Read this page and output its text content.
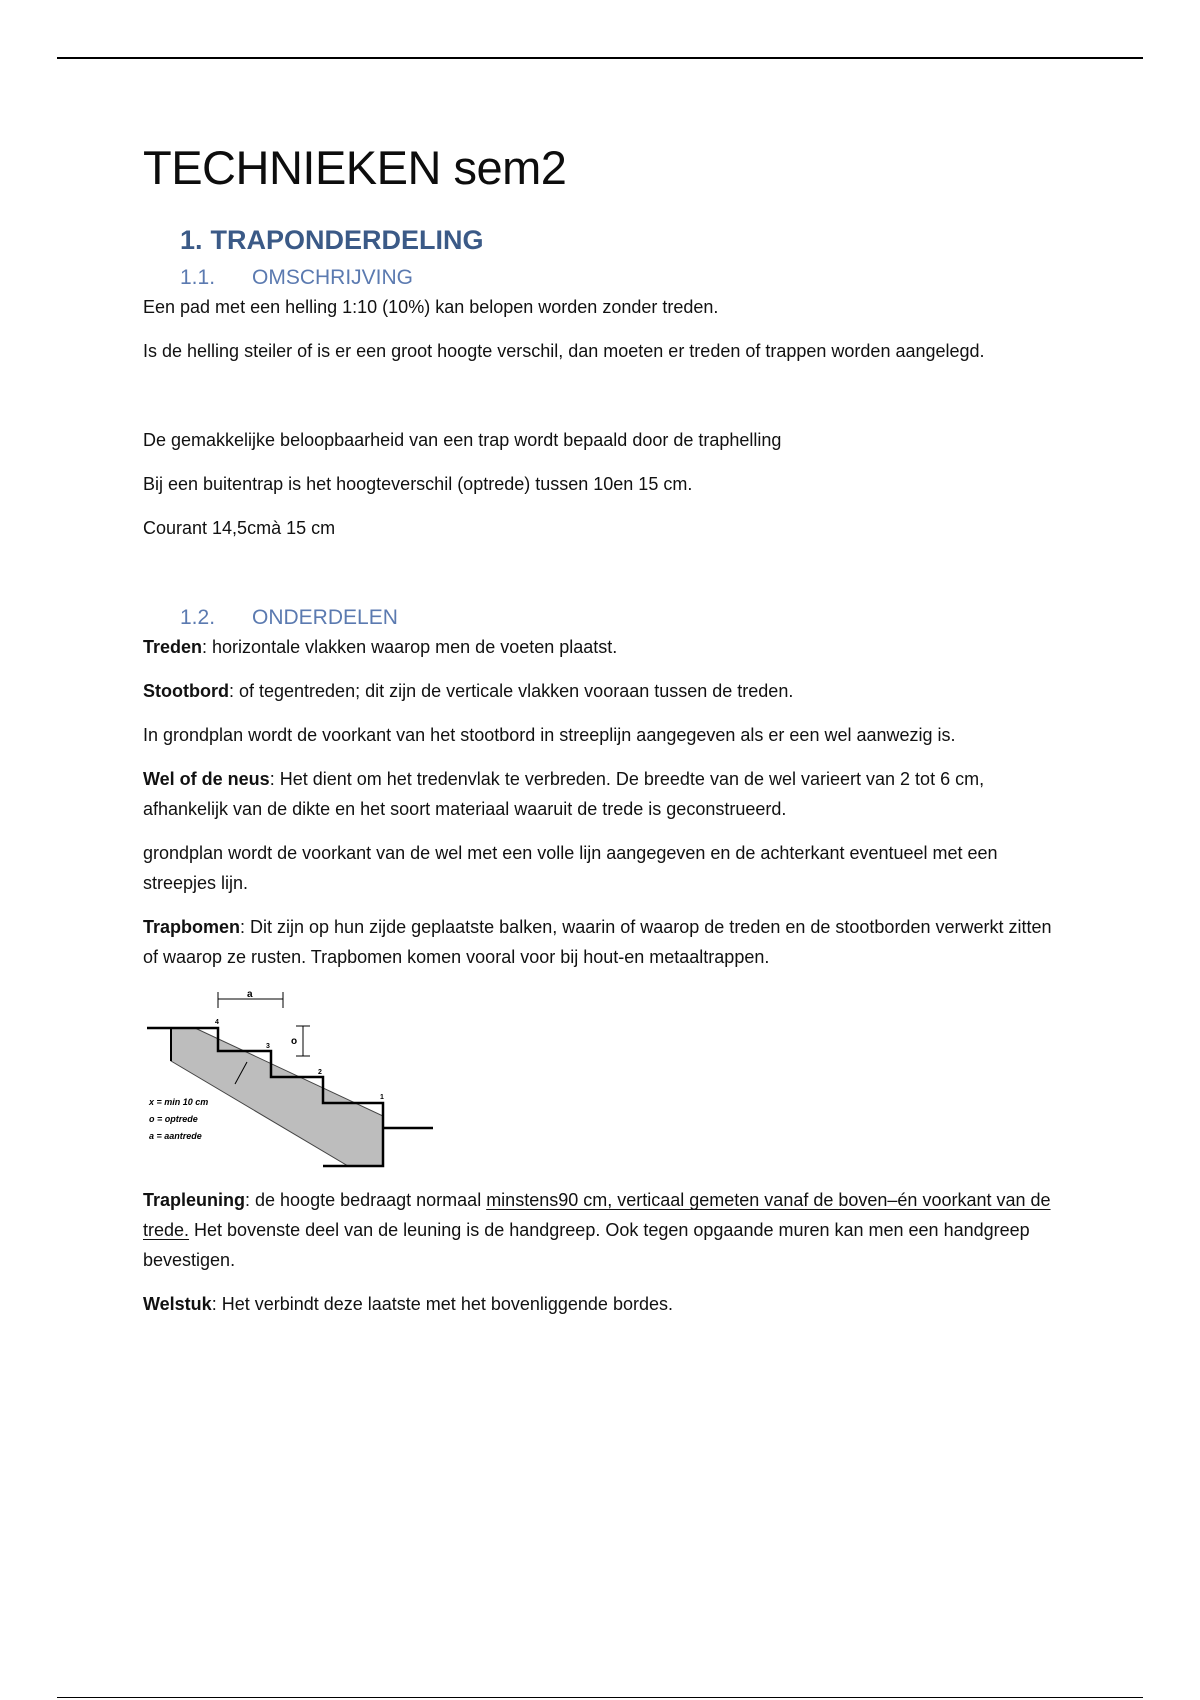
TECHNIEKEN sem2
1. TRAPONDERDELING
1.1. OMSCHRIJVING

Een pad met een helling 1:10 (10%) kan belopen worden zonder treden.

Is de helling steiler of is er een groot hoogte verschil, dan moeten er treden of trappen worden aangelegd.

De gemakkelijke beloopbaarheid van een trap wordt bepaald door de traphelling

Bij een buitentrap is het hoogteverschil (optrede) tussen 10en 15 cm.

Courant 14,5cmà 15 cm

1.2. ONDERDELEN

Treden: horizontale vlakken waarop men de voeten plaatst.

Stootbord: of tegentreden; dit zijn de verticale vlakken vooraan tussen de treden.

In grondplan wordt de voorkant van het stootbord in streeplijn aangegeven als er een wel aanwezig is.

Wel of de neus: Het dient om het tredenvlak te verbreden. De breedte van de wel varieert van 2 tot 6 cm, afhankelijk van de dikte en het soort materiaal waaruit de trede is geconstrueerd.

grondplan wordt de voorkant van de wel met een volle lijn aangegeven en de achterkant eventueel met een streepjes lijn.

Trapbomen: Dit zijn op hun zijde geplaatste balken, waarin of waarop de treden en de stootborden verwerkt zitten of waarop ze rusten. Trapbomen komen vooral voor bij hout-en metaaltrappen.

a
o
4
3
2
1
x = min 10 cm
o = optrede
a = aantrede

Trapleuning: de hoogte bedraagt normaal minstens90 cm, verticaal gemeten vanaf de boven–én voorkant van de trede. Het bovenste deel van de leuning is de handgreep. Ook tegen opgaande muren kan men een handgreep bevestigen.

Welstuk: Het verbindt deze laatste met het bovenliggende bordes.
